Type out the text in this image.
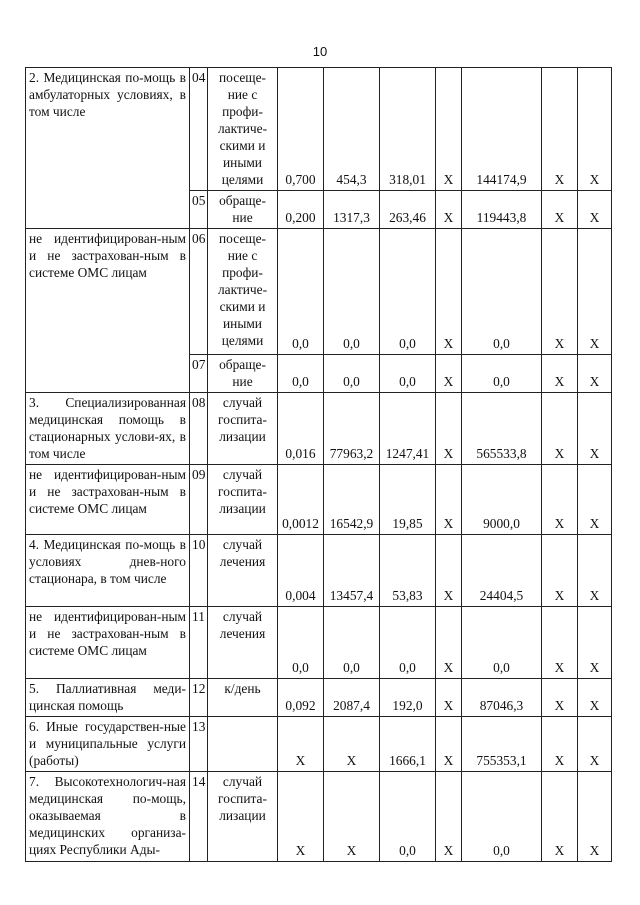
10
2. Медицинская по-мощь в амбулаторных условиях, в том числе	04	посеще-ние с профи-лактиче-скими и иными целями	0,700	454,3	318,01	X	144174,9	X	X
	05	обраще-ние	0,200	1317,3	263,46	X	119443,8	X	X
не идентифицирован-ным и не застрахован-ным в системе ОМС лицам	06	посеще-ние с профи-лактиче-скими и иными целями	0,0	0,0	0,0	X	0,0	X	X
	07	обраще-ние	0,0	0,0	0,0	X	0,0	X	X
3. Специализированная медицинская помощь в стационарных услови-ях, в том числе	08	случай госпита-лизации	0,016	77963,2	1247,41	X	565533,8	X	X
не идентифицирован-ным и не застрахован-ным в системе ОМС лицам	09	случай госпита-лизации	0,0012	16542,9	19,85	X	9000,0	X	X
4. Медицинская по-мощь в условиях днев-ного стационара, в том числе	10	случай лечения	0,004	13457,4	53,83	X	24404,5	X	X
не идентифицирован-ным и не застрахован-ным в системе ОМС лицам	11	случай лечения	0,0	0,0	0,0	X	0,0	X	X
5. Паллиативная меди-цинская помощь	12	к/день	0,092	2087,4	192,0	X	87046,3	X	X
6. Иные государствен-ные и муниципальные услуги (работы)	13		X	X	1666,1	X	755353,1	X	X
7. Высокотехнологич-ная медицинская по-мощь, оказываемая в медицинских организа-циях Республики Ады-	14	случай госпита-лизации	X	X	0,0	X	0,0	X	X
